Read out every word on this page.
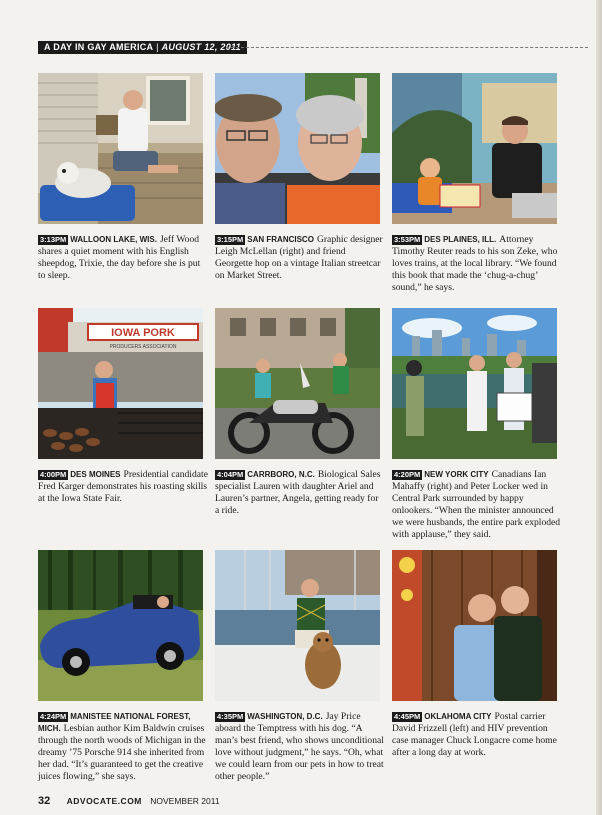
A DAY IN GAY AMERICA | AUGUST 12, 2011
3:13PM WALLOON LAKE, WIS. Jeff Wood shares a quiet moment with his English sheepdog, Trixie, the day before she is put to sleep.
3:15PM SAN FRANCISCO Graphic designer Leigh McLellan (right) and friend Georgette hop on a vintage Italian streetcar on Market Street.
3:53PM DES PLAINES, ILL. Attorney Timothy Reuter reads to his son Zeke, who loves trains, at the local library. “We found this book that made the ‘chug-a-chug’ sound,” he says.
IOWA PORK
PRODUCERS ASSOCIATION
4:00PM DES MOINES Presidential candidate Fred Karger demonstrates his roasting skills at the Iowa State Fair.
4:04PM CARRBORO, N.C. Biological Sales specialist Lauren with daughter Ariel and Lauren’s partner, Angela, getting ready for a ride.
4:20PM NEW YORK CITY Canadians Ian Mahaffy (right) and Peter Locker wed in Central Park surrounded by happy onlookers. “When the minister announced we were husbands, the entire park exploded with applause,” they said.
4:24PM MANISTEE NATIONAL FOREST, MICH. Lesbian author Kim Baldwin cruises through the north woods of Michigan in the dreamy ’75 Porsche 914 she inherited from her dad. “It’s guaranteed to get the creative juices flowing,” she says.
4:35PM WASHINGTON, D.C. Jay Price aboard the Temptress with his dog. “A man’s best friend, who shows unconditional love without judgment,” he says. “Oh, what we could learn from our pets in how to treat other people.”
4:45PM OKLAHOMA CITY Postal carrier David Frizzell (left) and HIV prevention case manager Chuck Longacre come home after a long day at work.
32 ADVOCATE.COM NOVEMBER 2011
